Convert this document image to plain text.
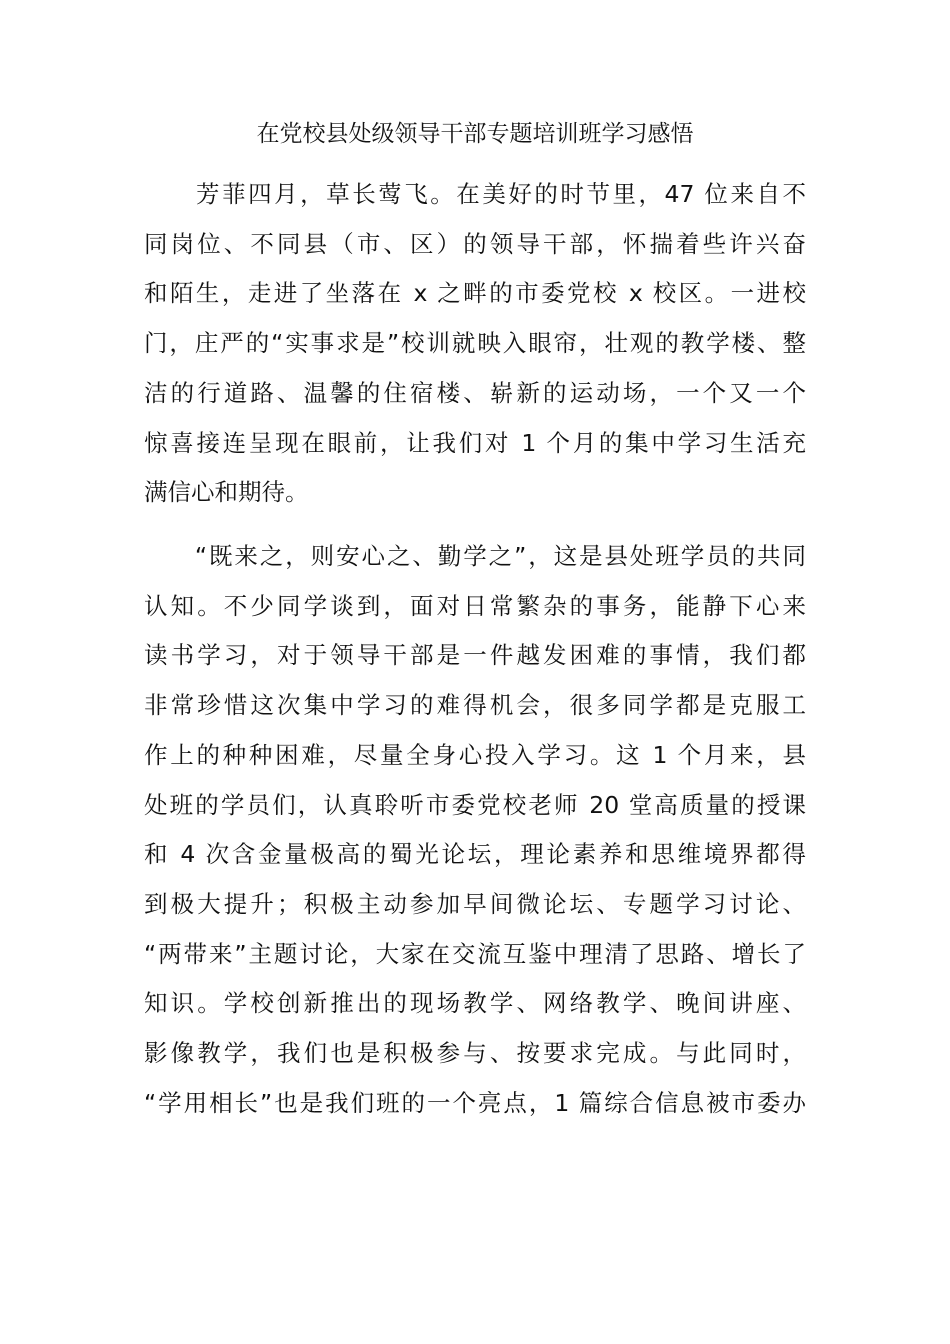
在党校县处级领导干部专题培训班学习感悟

　　芳菲四月，草长莺飞。在美好的时节里，47 位来自不
同岗位、不同县（市、区）的领导干部，怀揣着些许兴奋
和陌生，走进了坐落在 x 之畔的市委党校 x 校区。一进校
门，庄严的“实事求是”校训就映入眼帘，壮观的教学楼、整
洁的行道路、温馨的住宿楼、崭新的运动场，一个又一个
惊喜接连呈现在眼前，让我们对 1 个月的集中学习生活充
满信心和期待。

　　“既来之，则安心之、勤学之”，这是县处班学员的共同
认知。不少同学谈到，面对日常繁杂的事务，能静下心来
读书学习，对于领导干部是一件越发困难的事情，我们都
非常珍惜这次集中学习的难得机会，很多同学都是克服工
作上的种种困难，尽量全身心投入学习。这 1 个月来，县
处班的学员们，认真聆听市委党校老师 20 堂高质量的授课
和 4 次含金量极高的蜀光论坛，理论素养和思维境界都得
到极大提升；积极主动参加早间微论坛、专题学习讨论、
“两带来”主题讨论，大家在交流互鉴中理清了思路、增长了
知识。学校创新推出的现场教学、网络教学、晚间讲座、
影像教学，我们也是积极参与、按要求完成。与此同时，
“学用相长”也是我们班的一个亮点，1 篇综合信息被市委办
